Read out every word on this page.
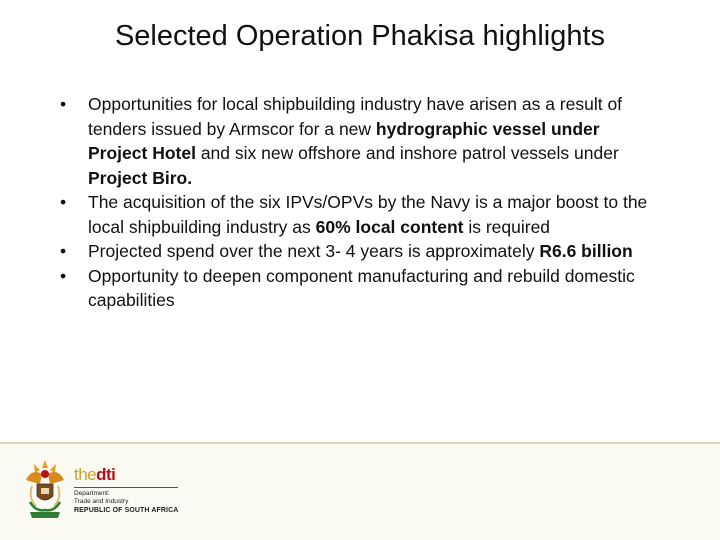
Selected Operation Phakisa highlights
•	Opportunities for local shipbuilding industry have arisen as a result of tenders issued by Armscor for a new hydrographic vessel under Project Hotel and six new offshore and inshore patrol vessels under Project Biro.
•	The acquisition of the six IPVs/OPVs by the Navy is a major boost to the local shipbuilding industry as 60% local content is required
•	Projected spend over the next 3- 4 years is approximately R6.6 billion
•	Opportunity to deepen component manufacturing and rebuild domestic capabilities
thedti
Department:
Trade and Industry
REPUBLIC OF SOUTH AFRICA
